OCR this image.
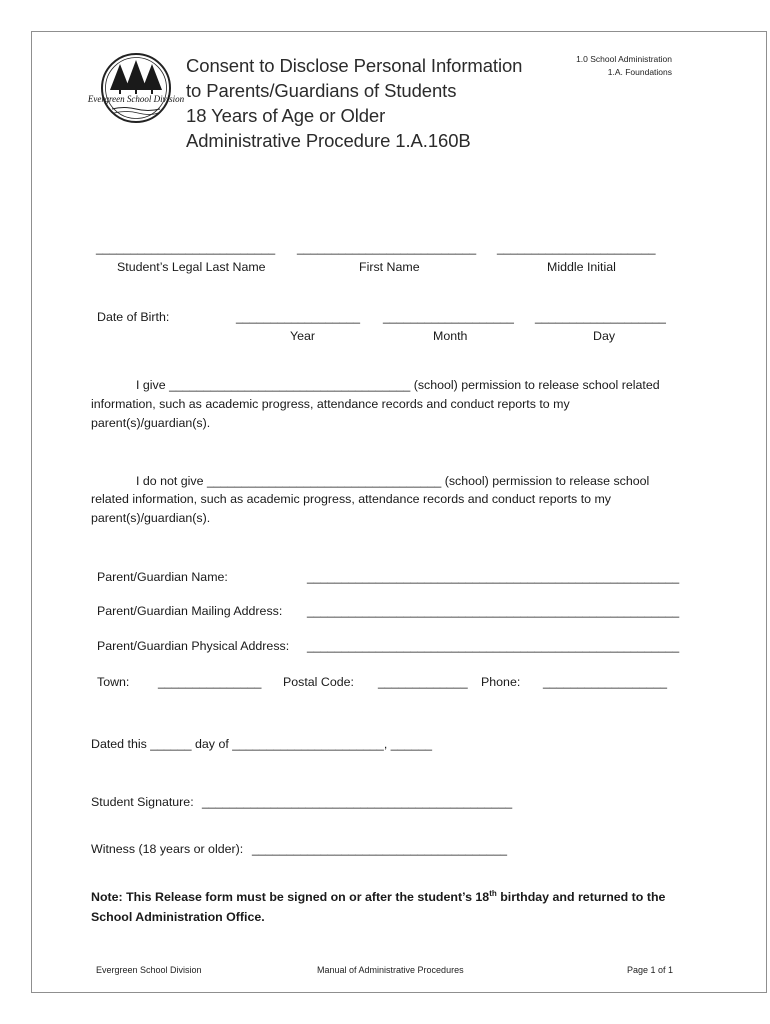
Evergreen School Division
Consent to Disclose Personal Information
to Parents/Guardians of Students
18 Years of Age or Older
Administrative Procedure 1.A.160B
1.0 School Administration
1.A. Foundations
__________________________ __________________________ _______________________
Student’s Legal Last Name	First Name	Middle Initial
Date of Birth:	__________________ ___________________ ___________________
Year	Month	Day
I give ___________________________________ (school) permission to release school related
information, such as academic progress, attendance records and conduct reports to my
parent(s)/guardian(s).
I do not give __________________________________ (school) permission to release school
related information, such as academic progress, attendance records and conduct reports to my
parent(s)/guardian(s).
Parent/Guardian Name:	______________________________________________________
Parent/Guardian Mailing Address: ______________________________________________________
Parent/Guardian Physical Address: ______________________________________________________
Town: _______________ Postal Code: _____________ Phone: __________________
Dated this ______ day of ______________________, ______
Student Signature: _____________________________________________
Witness (18 years or older): _____________________________________
Note: This Release form must be signed on or after the student’s 18th birthday and returned to the
School Administration Office.
Evergreen School Division	Manual of Administrative Procedures	Page 1 of 1
